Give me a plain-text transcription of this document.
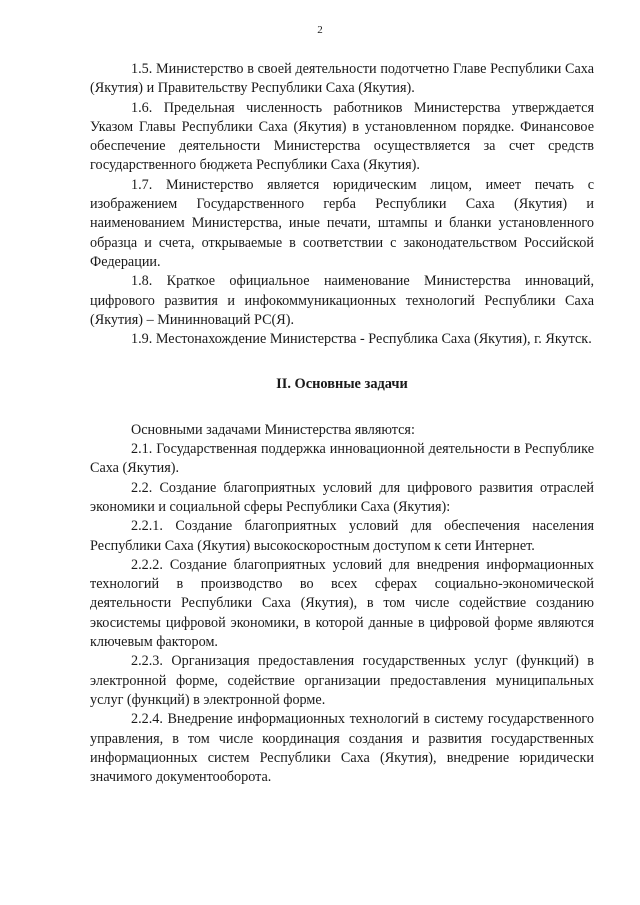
2

1.5. Министерство в своей деятельности подотчетно Главе Республики Саха (Якутия) и Правительству Республики Саха (Якутия).

1.6. Предельная численность работников Министерства утверждается Указом Главы Республики Саха (Якутия) в установленном порядке. Финансовое обеспечение деятельности Министерства осуществляется за счет средств государственного бюджета Республики Саха (Якутия).

1.7. Министерство является юридическим лицом, имеет печать с изображением Государственного герба Республики Саха (Якутия) и наименованием Министерства, иные печати, штампы и бланки установленного образца и счета, открываемые в соответствии с законодательством Российской Федерации.

1.8. Краткое официальное наименование Министерства инноваций, цифрового развития и инфокоммуникационных технологий Республики Саха (Якутия) – Мининноваций РС(Я).

1.9. Местонахождение Министерства - Республика Саха (Якутия), г. Якутск.

II. Основные задачи

Основными задачами Министерства являются:

2.1. Государственная поддержка инновационной деятельности в Республике Саха (Якутия).

2.2. Создание благоприятных условий для цифрового развития отраслей экономики и социальной сферы Республики Саха (Якутия):

2.2.1. Создание благоприятных условий для обеспечения населения Республики Саха (Якутия) высокоскоростным доступом к сети Интернет.

2.2.2. Создание благоприятных условий для внедрения информационных технологий в производство во всех сферах социально-экономической деятельности Республики Саха (Якутия), в том числе содействие созданию экосистемы цифровой экономики, в которой данные в цифровой форме являются ключевым фактором.

2.2.3. Организация предоставления государственных услуг (функций) в электронной форме, содействие организации предоставления муниципальных услуг (функций) в электронной форме.

2.2.4. Внедрение информационных технологий в систему государственного управления, в том числе координация создания и развития государственных информационных систем Республики Саха (Якутия), внедрение юридически значимого документооборота.
